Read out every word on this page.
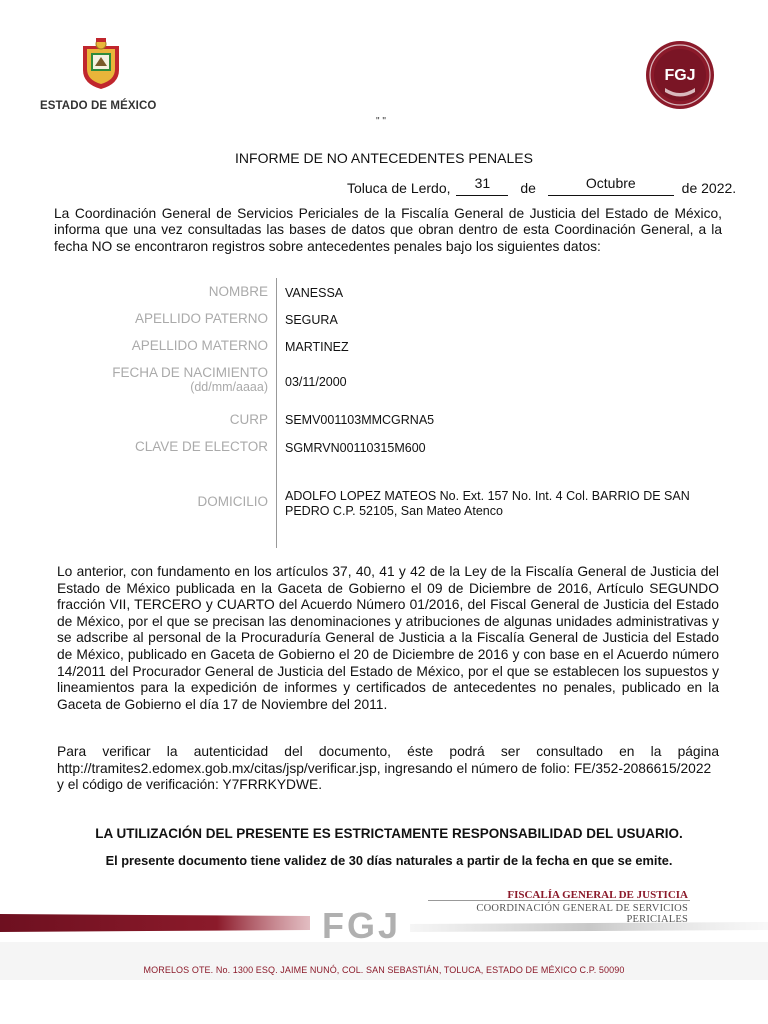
ESTADO DE MÉXICO
FGJ
" "
INFORME DE NO ANTECEDENTES PENALES
Toluca de Lerdo, 31 de	Octubre	de 2022.

La Coordinación General de Servicios Periciales de la Fiscalía General de Justicia del Estado de México, informa que una vez consultadas las bases de datos que obran dentro de esta Coordinación General, a la fecha NO se encontraron registros sobre antecedentes penales bajo los siguientes datos:

NOMBRE VANESSA
APELLIDO PATERNO SEGURA
APELLIDO MATERNO MARTINEZ
FECHA DE NACIMIENTO
(dd/mm/aaaa) 03/11/2000
CURP SEMV001103MMCGRNA5
CLAVE DE ELECTOR SGMRVN00110315M600
DOMICILIO ADOLFO LOPEZ MATEOS No. Ext. 157 No. Int. 4 Col. BARRIO DE SAN
PEDRO C.P. 52105, San Mateo Atenco

Lo anterior, con fundamento en los artículos 37, 40, 41 y 42 de la Ley de la Fiscalía General de Justicia del Estado de México publicada en la Gaceta de Gobierno el 09 de Diciembre de 2016, Artículo SEGUNDO fracción VII, TERCERO y CUARTO del Acuerdo Número 01/2016, del Fiscal General de Justicia del Estado de México, por el que se precisan las denominaciones y atribuciones de algunas unidades administrativas y se adscribe al personal de la Procuraduría General de Justicia a la Fiscalía General de Justicia del Estado de México, publicado en Gaceta de Gobierno el 20 de Diciembre de 2016 y con base en el Acuerdo número 14/2011 del Procurador General de Justicia del Estado de México, por el que se establecen los supuestos y lineamientos para la expedición de informes y certificados de antecedentes no penales, publicado en la Gaceta de Gobierno el día 17 de Noviembre del 2011.

Para verificar la autenticidad del documento, éste podrá ser consultado en la página
http://tramites2.edomex.gob.mx/citas/jsp/verificar.jsp, ingresando el número de folio: FE/352-2086615/2022
y el código de verificación: Y7FRRKYDWE.
LA UTILIZACIÓN DEL PRESENTE ES ESTRICTAMENTE RESPONSABILIDAD DEL USUARIO.
El presente documento tiene validez de 30 días naturales a partir de la fecha en que se emite.
FISCALÍA GENERAL DE JUSTICIA
COORDINACIÓN GENERAL DE SERVICIOS PERICIALES
FGJ
MORELOS OTE. No. 1300 ESQ. JAIME NUNÓ, COL. SAN SEBASTIÁN, TOLUCA, ESTADO DE MÉXICO C.P. 50090
